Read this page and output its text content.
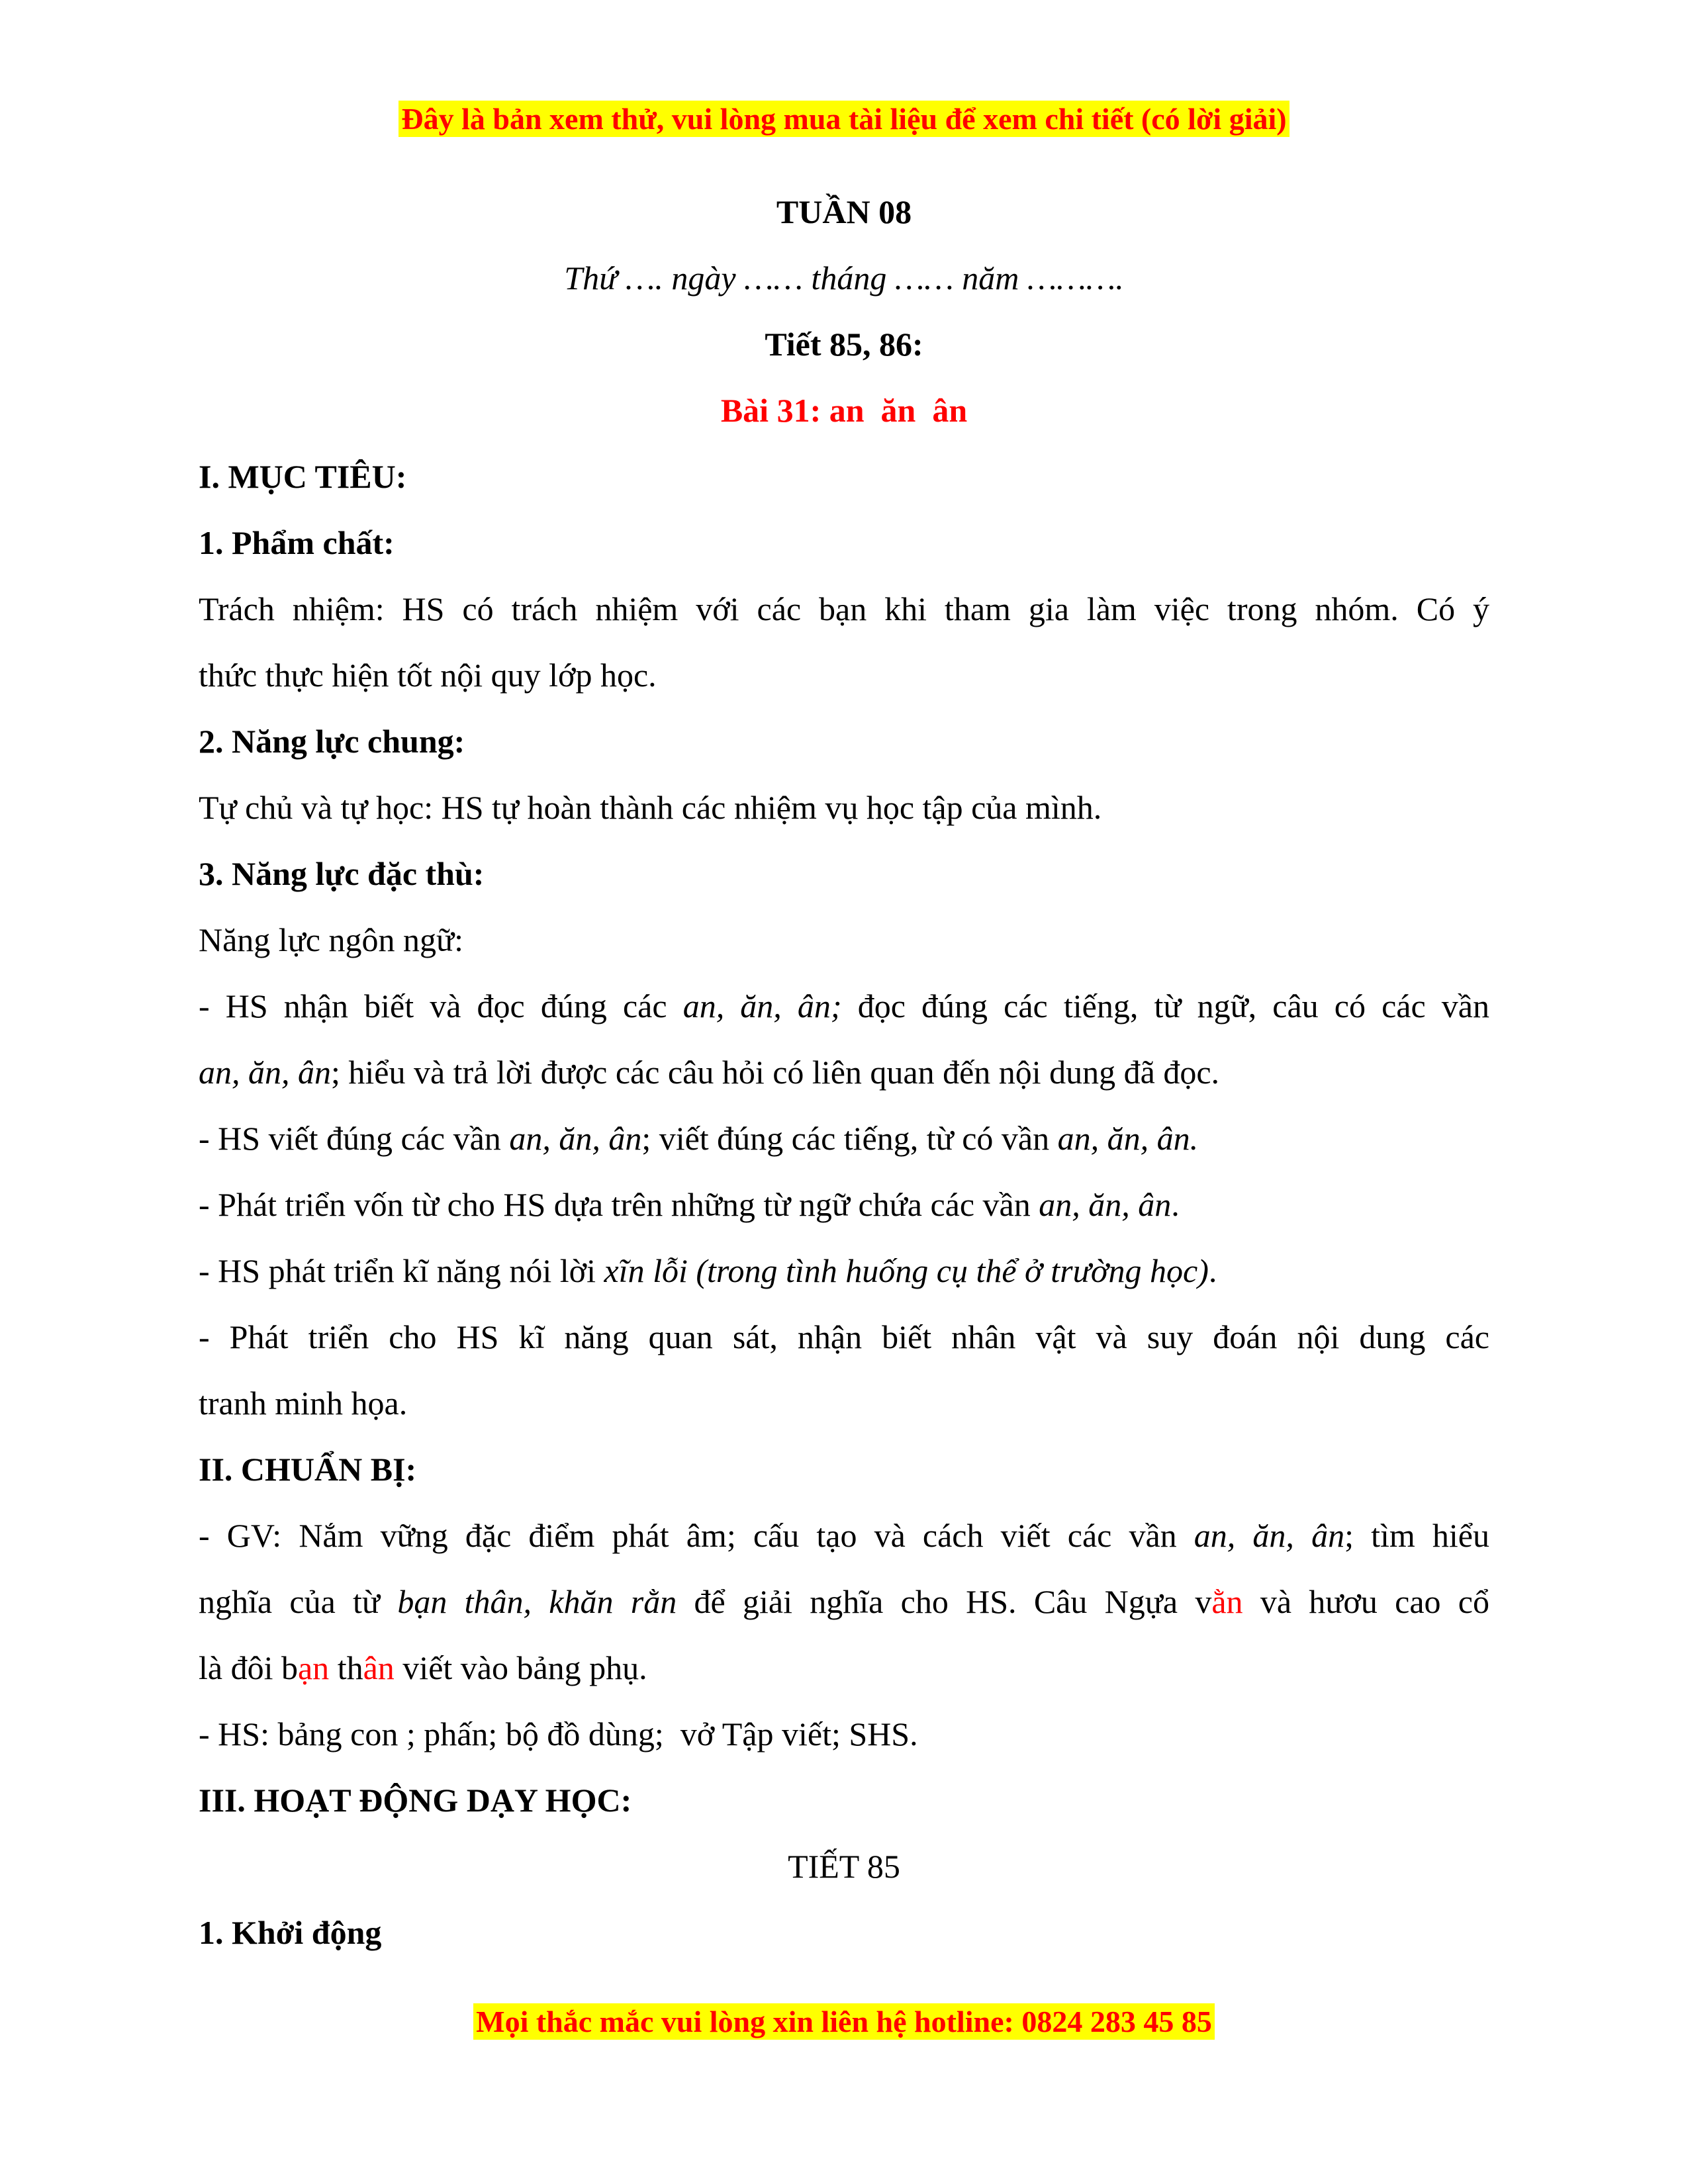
Đây là bản xem thử, vui lòng mua tài liệu để xem chi tiết (có lời giải)
TUẦN 08
Thứ …. ngày …… tháng …… năm ……….
Tiết 85, 86:
Bài 31: an  ăn  ân
I. MỤC TIÊU:
1. Phẩm chất:
Trách nhiệm: HS có trách nhiệm với các bạn khi tham gia làm việc trong nhóm. Có ý
thức thực hiện tốt nội quy lớp học.
2. Năng lực chung:
Tự chủ và tự học: HS tự hoàn thành các nhiệm vụ học tập của mình.
3. Năng lực đặc thù:
Năng lực ngôn ngữ:
- HS nhận biết và đọc đúng các an, ăn, ân; đọc đúng các tiếng, từ ngữ, câu có các vần
an, ăn, ân; hiểu và trả lời được các câu hỏi có liên quan đến nội dung đã đọc.
- HS viết đúng các vần an, ăn, ân; viết đúng các tiếng, từ có vần an, ăn, ân.
- Phát triển vốn từ cho HS dựa trên những từ ngữ chứa các vần an, ăn, ân.
- HS phát triển kĩ năng nói lời xĩn lỗi (trong tình huống cụ thể ở trường học).
- Phát triển cho HS kĩ năng quan sát, nhận biết nhân vật và suy đoán nội dung các
tranh minh họa.
II. CHUẨN BỊ:
- GV: Nắm vững đặc điểm phát âm; cấu tạo và cách viết các vần an, ăn, ân; tìm hiểu
nghĩa của từ bạn thân, khăn rằn để giải nghĩa cho HS. Câu Ngựa vằn và hươu cao cổ
là đôi bạn thân viết vào bảng phụ.
- HS: bảng con ; phấn; bộ đồ dùng;  vở Tập viết; SHS.
III. HOẠT ĐỘNG DẠY HỌC:
TIẾT 85
1. Khởi động
Mọi thắc mắc vui lòng xin liên hệ hotline: 0824 283 45 85
